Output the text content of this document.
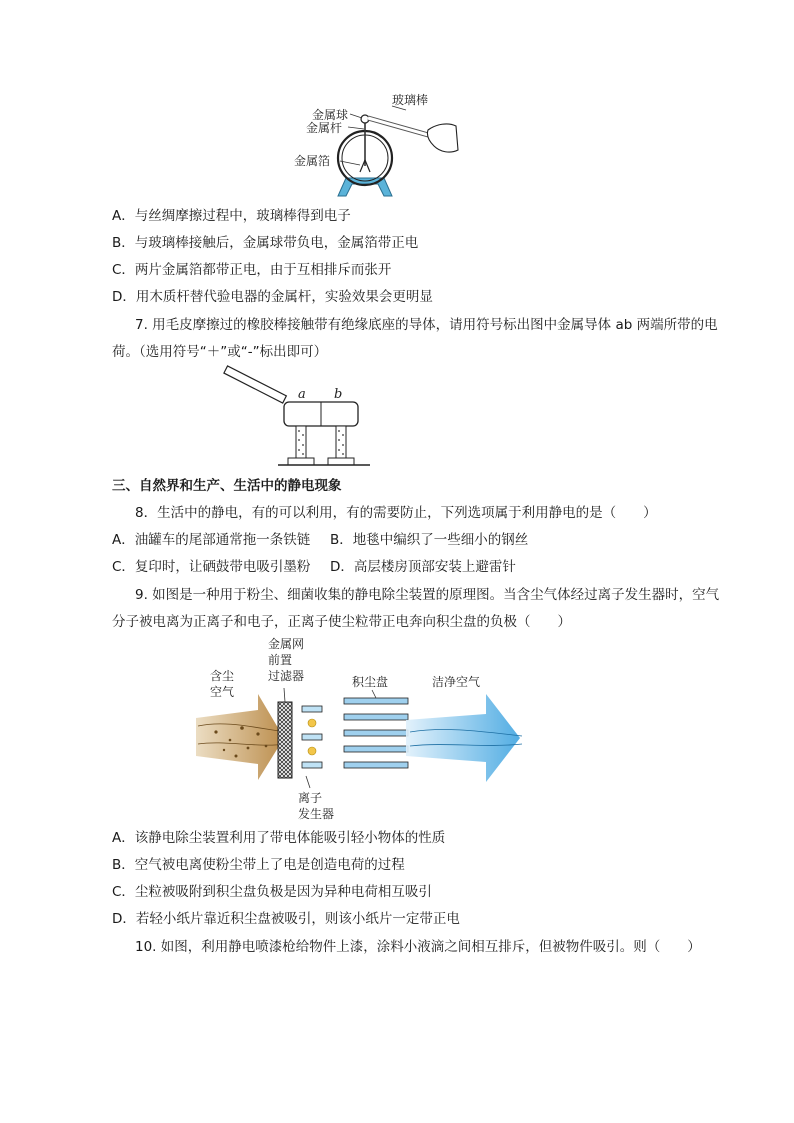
金属球
金属杆
金属箔
玻璃棒
A．与丝绸摩擦过程中，玻璃棒得到电子
B．与玻璃棒接触后，金属球带负电，金属箔带正电
C．两片金属箔都带正电，由于互相排斥而张开
D．用木质杆替代验电器的金属杆，实验效果会更明显
7. 用毛皮摩擦过的橡胶棒接触带有绝缘底座的导体，请用符号标出图中金属导体 ab 两端所带的电
荷。（选用符号“＋”或“-”标出即可）
a b
三、自然界和生产、生活中的静电现象
8．生活中的静电，有的可以利用，有的需要防止，下列选项属于利用静电的是（　　）
A．油罐车的尾部通常拖一条铁链 B．地毯中编织了一些细小的钢丝
C．复印时，让硒鼓带电吸引墨粉 D．高层楼房顶部安装上避雷针
9. 如图是一种用于粉尘、细菌收集的静电除尘装置的原理图。当含尘气体经过离子发生器时，空气
分子被电离为正离子和电子，正离子使尘粒带正电奔向积尘盘的负极（　　）
含尘
空气
金属网
前置
过滤器	积尘盘	洁净空气
离子
发生器
A．该静电除尘装置利用了带电体能吸引轻小物体的性质
B．空气被电离使粉尘带上了电是创造电荷的过程
C．尘粒被吸附到积尘盘负极是因为异种电荷相互吸引
D．若轻小纸片靠近积尘盘被吸引，则该小纸片一定带正电
10. 如图，利用静电喷漆枪给物件上漆，涂料小液滴之间相互排斥，但被物件吸引。则（　　）
